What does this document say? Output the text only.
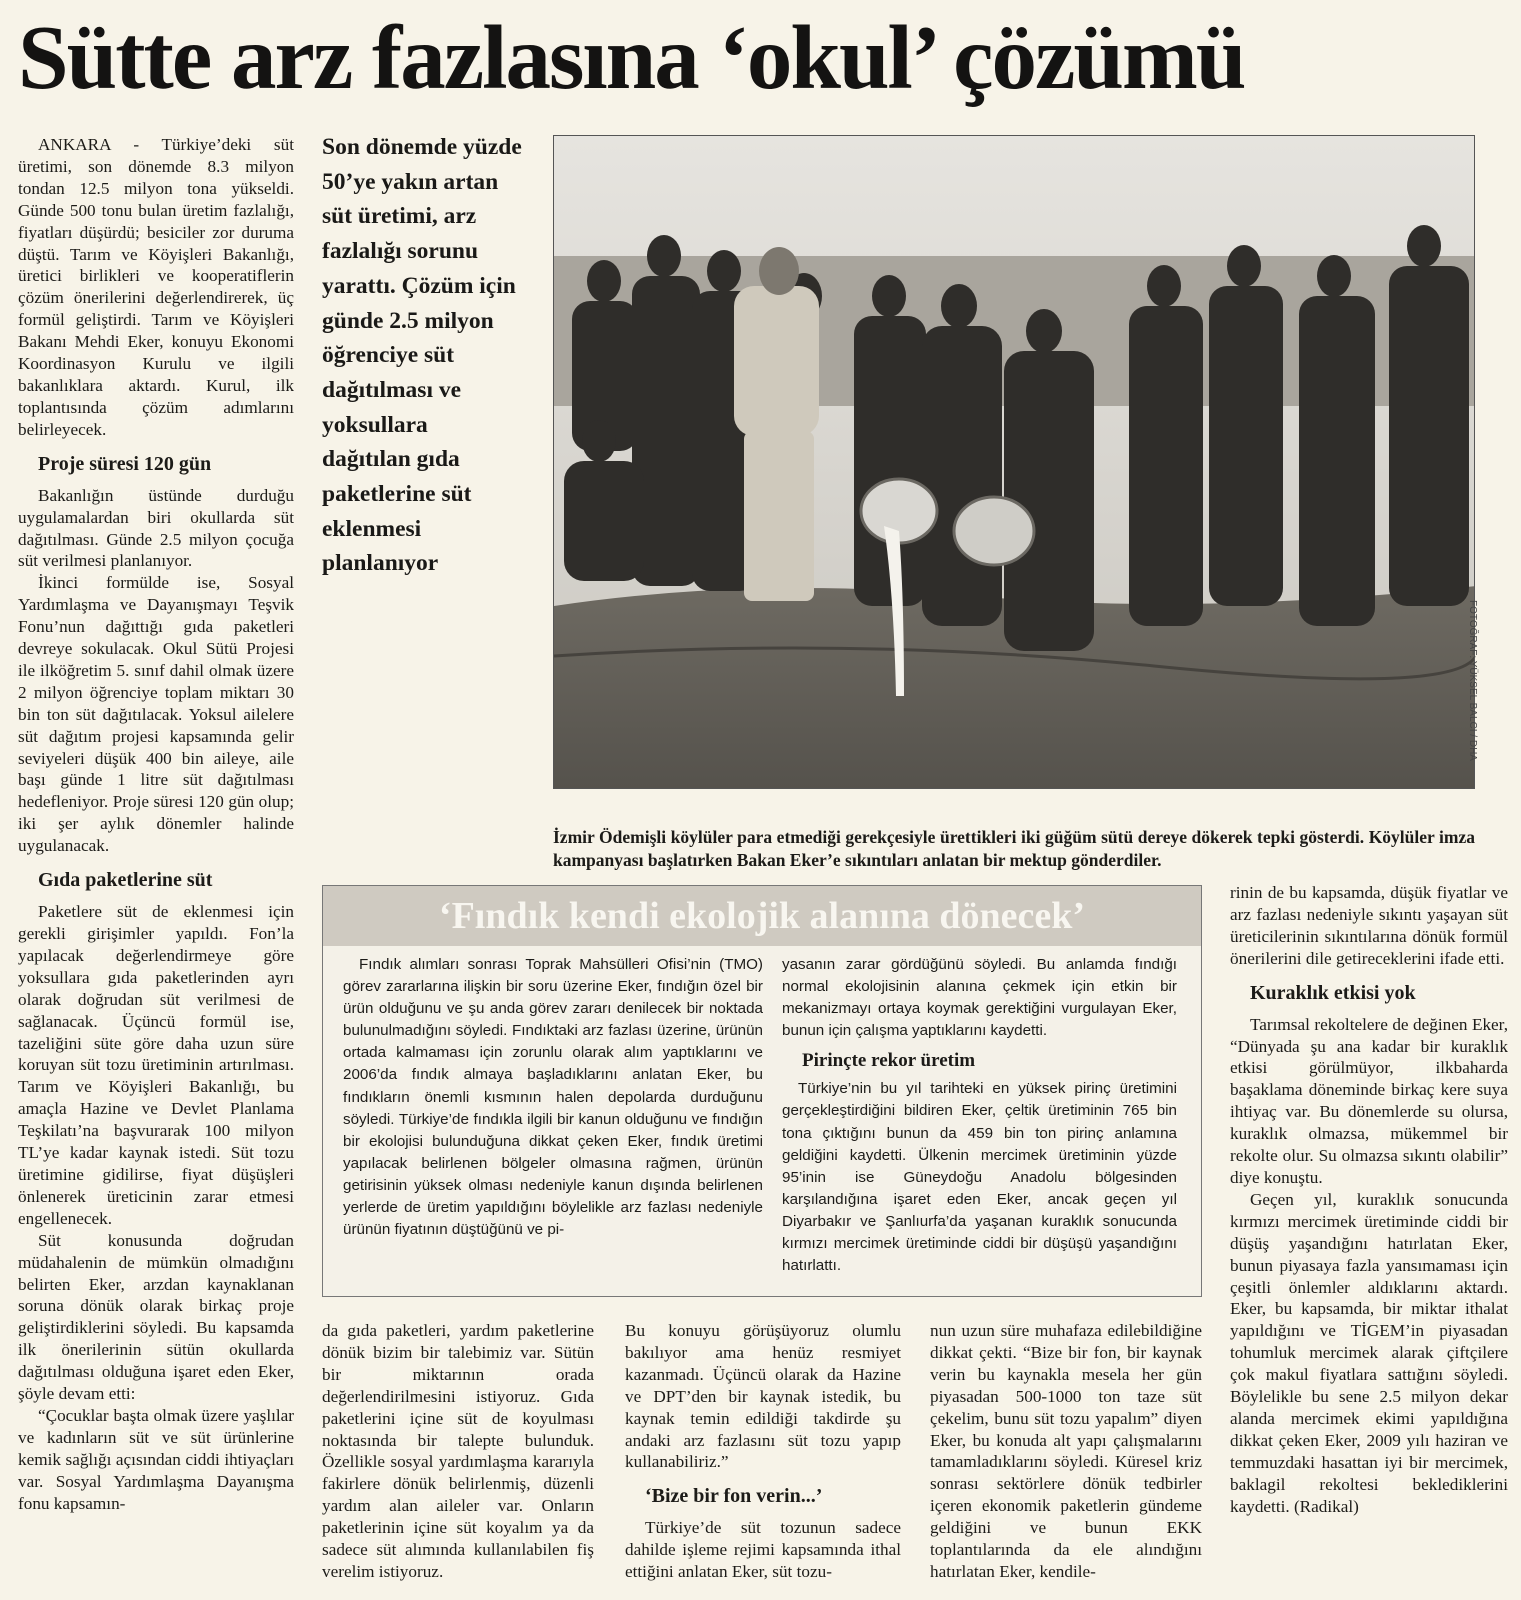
Sütte arz fazlasına ‘okul’ çözümü

ANKARA - Türkiye’deki süt üretimi, son dönemde 8.3 milyon tondan 12.5 milyon tona yükseldi. Günde 500 tonu bulan üretim fazlalığı, fiyatları düşürdü; besiciler zor duruma düştü. Tarım ve Köyişleri Bakanlığı, üretici birlikleri ve kooperatiflerin çözüm önerilerini değerlendirerek, üç formül geliştirdi. Tarım ve Köyişleri Bakanı Mehdi Eker, konuyu Ekonomi Koordinasyon Kurulu ve ilgili bakanlıklara aktardı. Kurul, ilk toplantısında çözüm adımlarını belirleyecek.

Proje süresi 120 gün

Bakanlığın üstünde durduğu uygulamalardan biri okullarda süt dağıtılması. Günde 2.5 milyon çocuğa süt verilmesi planlanıyor.

İkinci formülde ise, Sosyal Yardımlaşma ve Dayanışmayı Teşvik Fonu’nun dağıttığı gıda paketleri devreye sokulacak. Okul Sütü Projesi ile ilköğretim 5. sınıf dahil olmak üzere 2 milyon öğrenciye toplam miktarı 30 bin ton süt dağıtılacak. Yoksul ailelere süt dağıtım projesi kapsamında gelir seviyeleri düşük 400 bin aileye, aile başı günde 1 litre süt dağıtılması hedefleniyor. Proje süresi 120 gün olup; iki şer aylık dönemler halinde uygulanacak.

Gıda paketlerine süt

Paketlere süt de eklenmesi için gerekli girişimler yapıldı. Fon’la yapılacak değerlendirmeye göre yoksullara gıda paketlerinden ayrı olarak doğrudan süt verilmesi de sağlanacak. Üçüncü formül ise, tazeliğini süte göre daha uzun süre koruyan süt tozu üretiminin artırılması. Tarım ve Köyişleri Bakanlığı, bu amaçla Hazine ve Devlet Planlama Teşkilatı’na başvurarak 100 milyon TL’ye kadar kaynak istedi. Süt tozu üretimine gidilirse, fiyat düşüşleri önlenerek üreticinin zarar etmesi engellenecek.

Süt konusunda doğrudan müdahalenin de mümkün olmadığını belirten Eker, arzdan kaynaklanan soruna dönük olarak birkaç proje geliştirdiklerini söyledi. Bu kapsamda ilk önerilerinin sütün okullarda dağıtılması olduğuna işaret eden Eker, şöyle devam etti:

“Çocuklar başta olmak üzere yaşlılar ve kadınların süt ve süt ürünlerine kemik sağlığı açısından ciddi ihtiyaçları var. Sosyal Yardımlaşma Dayanışma fonu kapsamın-

Son dönemde yüzde 50’ye yakın artan süt üretimi, arz fazlalığı sorunu yarattı. Çözüm için günde 2.5 milyon öğrenciye süt dağıtılması ve yoksullara dağıtılan gıda paketlerine süt eklenmesi planlanıyor
FOTOĞRAF: YÜKSEL BALCI / DHA
İzmir Ödemişli köylüler para etmediği gerekçesiyle ürettikleri iki güğüm sütü dereye dökerek tepki gösterdi. Köylüler imza kampanyası başlatırken Bakan Eker’e sıkıntıları anlatan bir mektup gönderdiler.
‘Fındık kendi ekolojik alanına dönecek’

Fındık alımları sonrası Toprak Mahsülleri Ofisi’nin (TMO) görev zararlarına ilişkin bir soru üzerine Eker, fındığın özel bir ürün olduğunu ve şu anda görev zararı denilecek bir noktada bulunulmadığını söyledi. Fındıktaki arz fazlası üzerine, ürünün ortada kalmaması için zorunlu olarak alım yaptıklarını ve 2006’da fındık almaya başladıklarını anlatan Eker, bu fındıkların önemli kısmının halen depolarda durduğunu söyledi. Türkiye’de fındıkla ilgili bir kanun olduğunu ve fındığın bir ekolojisi bulunduğuna dikkat çeken Eker, fındık üretimi yapılacak belirlenen bölgeler olmasına rağmen, ürünün getirisinin yüksek olması nedeniyle kanun dışında belirlenen yerlerde de üretim yapıldığını böylelikle arz fazlası nedeniyle ürünün fiyatının düştüğünü ve pi-

yasanın zarar gördüğünü söyledi. Bu anlamda fındığı normal ekolojisinin alanına çekmek için etkin bir mekanizmayı ortaya koymak gerektiğini vurgulayan Eker, bunun için çalışma yaptıklarını kaydetti.

Pirinçte rekor üretim

Türkiye’nin bu yıl tarihteki en yüksek pirinç üretimini gerçekleştirdiğini bildiren Eker, çeltik üretiminin 765 bin tona çıktığını bunun da 459 bin ton pirinç anlamına geldiğini kaydetti. Ülkenin mercimek üretiminin yüzde 95’inin ise Güneydoğu Anadolu bölgesinden karşılandığına işaret eden Eker, ancak geçen yıl Diyarbakır ve Şanlıurfa’da yaşanan kuraklık sonucunda kırmızı mercimek üretiminde ciddi bir düşüşü yaşandığını hatırlattı.

da gıda paketleri, yardım paketlerine dönük bizim bir talebimiz var. Sütün bir miktarının orada değerlendirilmesini istiyoruz. Gıda paketlerini içine süt de koyulması noktasında bir talepte bulunduk. Özellikle sosyal yardımlaşma kararıyla fakirlere dönük belirlenmiş, düzenli yardım alan aileler var. Onların paketlerinin içine süt koyalım ya da sadece süt alımında kullanılabilen fiş verelim istiyoruz.

Bu konuyu görüşüyoruz olumlu bakılıyor ama henüz resmiyet kazanmadı. Üçüncü olarak da Hazine ve DPT’den bir kaynak istedik, bu kaynak temin edildiği takdirde şu andaki arz fazlasını süt tozu yapıp kullanabiliriz.”

‘Bize bir fon verin...’

Türkiye’de süt tozunun sadece dahilde işleme rejimi kapsamında ithal ettiğini anlatan Eker, süt tozu-

nun uzun süre muhafaza edilebildiğine dikkat çekti. “Bize bir fon, bir kaynak verin bu kaynakla mesela her gün piyasadan 500-1000 ton taze süt çekelim, bunu süt tozu yapalım” diyen Eker, bu konuda alt yapı çalışmalarını tamamladıklarını söyledi. Küresel kriz sonrası sektörlere dönük tedbirler içeren ekonomik paketlerin gündeme geldiğini ve bunun EKK toplantılarında da ele alındığını hatırlatan Eker, kendile-

rinin de bu kapsamda, düşük fiyatlar ve arz fazlası nedeniyle sıkıntı yaşayan süt üreticilerinin sıkıntılarına dönük formül önerilerini dile getireceklerini ifade etti.

Kuraklık etkisi yok

Tarımsal rekoltelere de değinen Eker, “Dünyada şu ana kadar bir kuraklık etkisi görülmüyor, ilkbaharda başaklama döneminde birkaç kere suya ihtiyaç var. Bu dönemlerde su olursa, kuraklık olmazsa, mükemmel bir rekolte olur. Su olmazsa sıkıntı olabilir” diye konuştu.

Geçen yıl, kuraklık sonucunda kırmızı mercimek üretiminde ciddi bir düşüş yaşandığını hatırlatan Eker, bunun piyasaya fazla yansımaması için çeşitli önlemler aldıklarını aktardı. Eker, bu kapsamda, bir miktar ithalat yapıldığını ve TİGEM’in piyasadan tohumluk mercimek alarak çiftçilere çok makul fiyatlara sattığını söyledi. Böylelikle bu sene 2.5 milyon dekar alanda mercimek ekimi yapıldığına dikkat çeken Eker, 2009 yılı haziran ve temmuzdaki hasattan iyi bir mercimek, baklagil rekoltesi beklediklerini kaydetti. (Radikal)
